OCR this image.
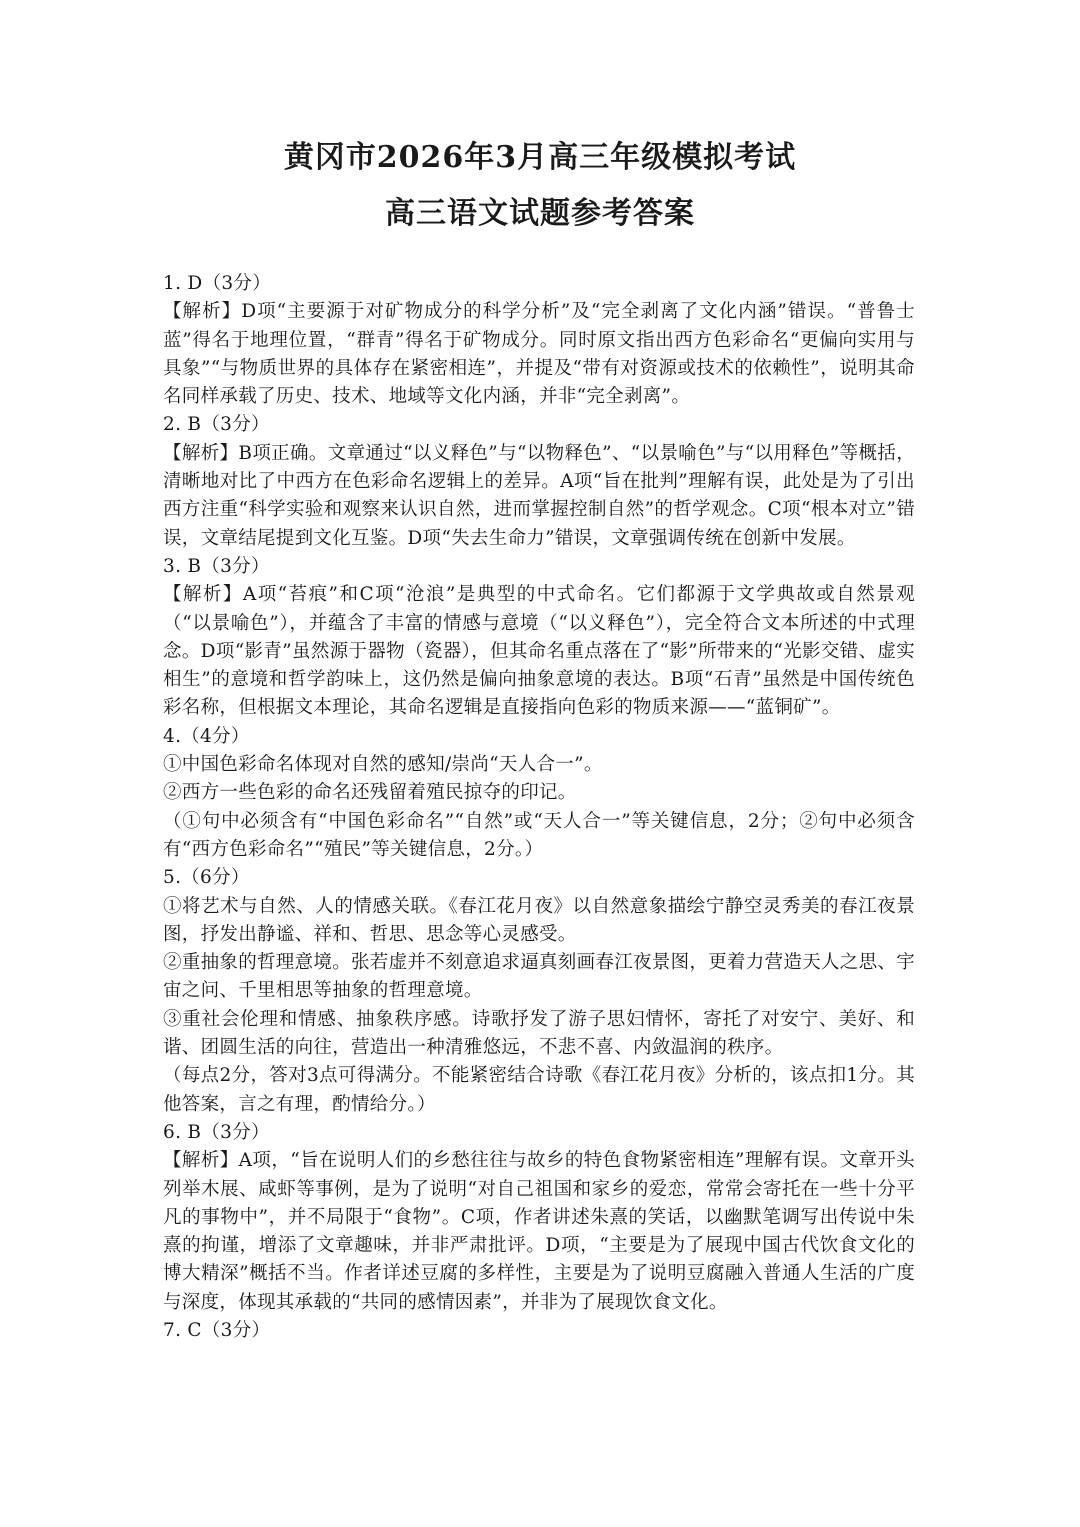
黄冈市2026年3月高三年级模拟考试
高三语文试题参考答案

1. D（3分）

【解析】D项“主要源于对矿物成分的科学分析”及“完全剥离了文化内涵”错误。“普鲁士蓝”得名于地理位置，“群青”得名于矿物成分。同时原文指出西方色彩命名“更偏向实用与具象”“与物质世界的具体存在紧密相连”，并提及“带有对资源或技术的依赖性”，说明其命名同样承载了历史、技术、地域等文化内涵，并非“完全剥离”。

2. B（3分）

【解析】B项正确。文章通过“以义释色”与“以物释色”、“以景喻色”与“以用释色”等概括，清晰地对比了中西方在色彩命名逻辑上的差异。A项“旨在批判”理解有误，此处是为了引出西方注重“科学实验和观察来认识自然，进而掌握控制自然”的哲学观念。C项“根本对立”错误，文章结尾提到文化互鉴。D项“失去生命力”错误，文章强调传统在创新中发展。

3. B（3分）

【解析】A项“苔痕”和C项“沧浪”是典型的中式命名。它们都源于文学典故或自然景观（“以景喻色”），并蕴含了丰富的情感与意境（“以义释色”），完全符合文本所述的中式理念。D项“影青”虽然源于器物（瓷器），但其命名重点落在了“影”所带来的“光影交错、虚实相生”的意境和哲学韵味上，这仍然是偏向抽象意境的表达。B项“石青”虽然是中国传统色彩名称，但根据文本理论，其命名逻辑是直接指向色彩的物质来源——“蓝铜矿”。

4.（4分）

①中国色彩命名体现对自然的感知/崇尚“天人合一”。

②西方一些色彩的命名还残留着殖民掠夺的印记。

（①句中必须含有“中国色彩命名”“自然”或“天人合一”等关键信息，2分；②句中必须含有“西方色彩命名”“殖民”等关键信息，2分。）

5.（6分）

①将艺术与自然、人的情感关联。《春江花月夜》以自然意象描绘宁静空灵秀美的春江夜景图，抒发出静谧、祥和、哲思、思念等心灵感受。

②重抽象的哲理意境。张若虚并不刻意追求逼真刻画春江夜景图，更着力营造天人之思、宇宙之问、千里相思等抽象的哲理意境。

③重社会伦理和情感、抽象秩序感。诗歌抒发了游子思妇情怀，寄托了对安宁、美好、和谐、团圆生活的向往，营造出一种清雅悠远，不悲不喜、内敛温润的秩序。

（每点2分，答对3点可得满分。不能紧密结合诗歌《春江花月夜》分析的，该点扣1分。其他答案，言之有理，酌情给分。）

6. B（3分）

【解析】A项，“旨在说明人们的乡愁往往与故乡的特色食物紧密相连”理解有误。文章开头列举木展、咸虾等事例，是为了说明“对自己祖国和家乡的爱恋，常常会寄托在一些十分平凡的事物中”，并不局限于“食物”。C项，作者讲述朱熹的笑话，以幽默笔调写出传说中朱熹的拘谨，增添了文章趣味，并非严肃批评。D项，“主要是为了展现中国古代饮食文化的博大精深”概括不当。作者详述豆腐的多样性，主要是为了说明豆腐融入普通人生活的广度与深度，体现其承载的“共同的感情因素”，并非为了展现饮食文化。

7. C（3分）
